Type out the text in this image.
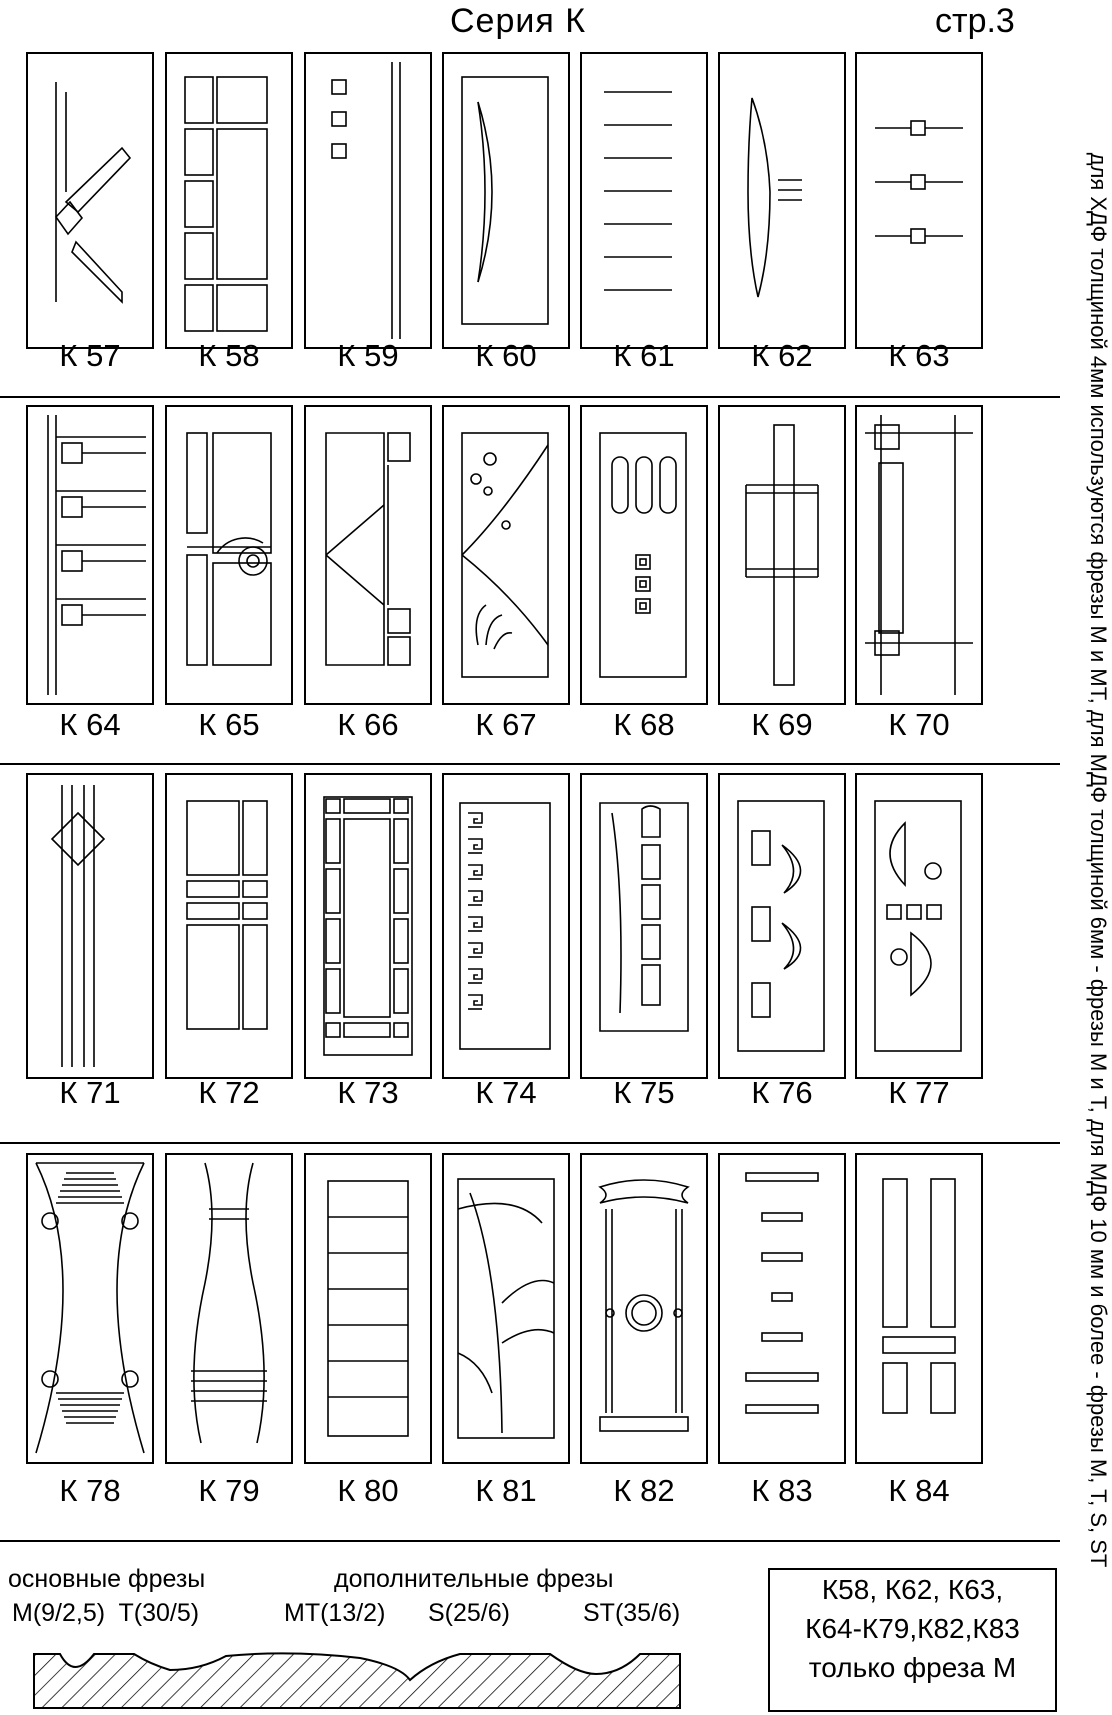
Серия К	стр.3
для ХДФ толщиной 4мм используются фрезы М и МТ, для МДФ толщиной 6мм - фрезы М и Т, для МДФ 10 мм и более - фрезы M, T, S, ST
К 57	К 58	К 59	К 60	К 61	К 62	К 63
К 64	К 65	К 66	К 67	К 68	К 69	К 70
К 71	К 72	К 73	К 74	К 75	К 76	К 77
К 78	К 79	К 80	К 81	К 82	К 83	К 84
основные фрезы
M(9/2,5)  T(30/5)
дополнительные фрезы
MT(13/2) S(25/6)	ST(35/6)
К58, К62, К63,
К64-К79,К82,К83
только фреза М
